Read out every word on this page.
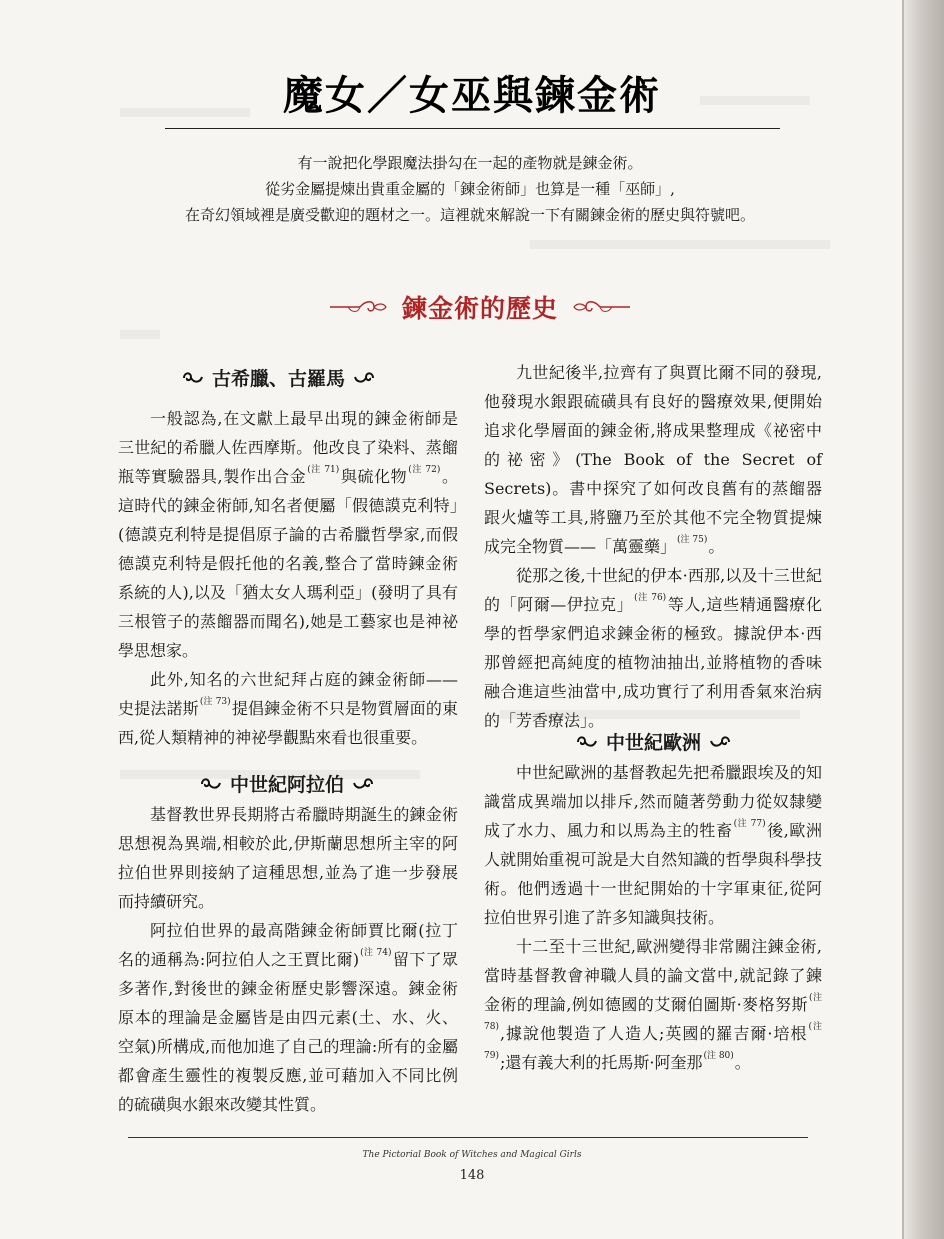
魔女／女巫與鍊金術
有一說把化學跟魔法掛勾在一起的產物就是鍊金術。
從劣金屬提煉出貴重金屬的「鍊金術師」也算是一種「巫師」,
在奇幻領域裡是廣受歡迎的題材之一。這裡就來解說一下有關鍊金術的歷史與符號吧。
鍊金術的歷史
古希臘、古羅馬

一般認為,在文獻上最早出現的鍊金術師是三世紀的希臘人佐西摩斯。他改良了染料、蒸餾瓶等實驗器具,製作出合金$^{(注 71)}$與硫化物$^{(注 72)}$。這時代的鍊金術師,知名者便屬「假德謨克利特」(德謨克利特是提倡原子論的古希臘哲學家,而假德謨克利特是假托他的名義,整合了當時鍊金術系統的人),以及「猶太女人瑪利亞」(發明了具有三根管子的蒸餾器而聞名),她是工藝家也是神祕學思想家。

此外,知名的六世紀拜占庭的鍊金術師——史提法諾斯$^{(注 73)}$提倡鍊金術不只是物質層面的東西,從人類精神的神祕學觀點來看也很重要。

中世紀阿拉伯

基督教世界長期將古希臘時期誕生的鍊金術思想視為異端,相較於此,伊斯蘭思想所主宰的阿拉伯世界則接納了這種思想,並為了進一步發展而持續研究。

阿拉伯世界的最高階鍊金術師賈比爾(拉丁名的通稱為:阿拉伯人之王賈比爾)$^{(注 74)}$留下了眾多著作,對後世的鍊金術歷史影響深遠。鍊金術原本的理論是金屬皆是由四元素(土、水、火、空氣)所構成,而他加進了自己的理論:所有的金屬都會產生靈性的複製反應,並可藉加入不同比例的硫磺與水銀來改變其性質。

九世紀後半,拉齊有了與賈比爾不同的發現,他發現水銀跟硫磺具有良好的醫療效果,便開始追求化學層面的鍊金術,將成果整理成《祕密中的祕密》(The Book of the Secret of Secrets)。書中探究了如何改良舊有的蒸餾器跟火爐等工具,將鹽乃至於其他不完全物質提煉成完全物質——「萬靈藥」$^{(注 75)}$。

從那之後,十世紀的伊本·西那,以及十三世紀的「阿爾—伊拉克」$^{(注 76)}$等人,這些精通醫療化學的哲學家們追求鍊金術的極致。據說伊本·西那曾經把高純度的植物油抽出,並將植物的香味融合進這些油當中,成功實行了利用香氣來治病的「芳香療法」。

中世紀歐洲

中世紀歐洲的基督教起先把希臘跟埃及的知識當成異端加以排斥,然而隨著勞動力從奴隸變成了水力、風力和以馬為主的牲畜$^{(注 77)}$後,歐洲人就開始重視可說是大自然知識的哲學與科學技術。他們透過十一世紀開始的十字軍東征,從阿拉伯世界引進了許多知識與技術。

十二至十三世紀,歐洲變得非常關注鍊金術,當時基督教會神職人員的論文當中,就記錄了鍊金術的理論,例如德國的艾爾伯圖斯·麥格努斯$^{(注 78)}$,據說他製造了人造人;英國的羅吉爾·培根$^{(注 79)}$;還有義大利的托馬斯·阿奎那$^{(注 80)}$。

The Pictorial Book of Witches and Magical Girls
148
